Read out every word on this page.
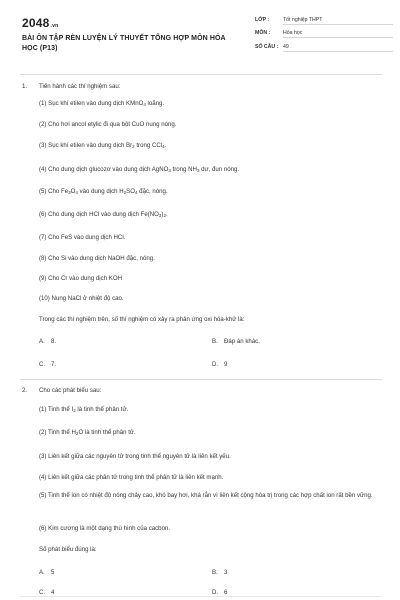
2048.vn
BÀI ÔN TẬP RÈN LUYỆN LÝ THUYẾT TỔNG HỢP MÔN HÓA HỌC (P13)
LỚP :	Tốt nghiệp THPT
MÔN :	Hóa học
SỐ CÂU : 49
1. Tiến hành các thí nghiệm sau:
(1) Sục khí etilen vào dung dịch KMnO$_4$ loãng.
(2) Cho hơi ancol etylic đi qua bột CuO nung nóng.
(3) Sục khí etilen vào dung dịch $Br_2$ trong CCl$_4$.
(4) Cho dung dịch glucozơ vào dung dịch AgNO$_3$ trong $NH_3$ dư, đun nóng.
(5) Cho $Fe_3O_4$ vào dung dịch $H_2SO_4$ đặc, nóng.
(6) Cho dung dịch HCl vào dung dịch $Fe(NO_3)_2$.
(7) Cho FeS vào dung dịch HCl.
(8) Cho Si vào dung dịch NaOH đặc, nóng.
(9) Cho Cr vào dung dịch KOH
(10) Nung NaCl ở nhiệt độ cao.
Trong các thí nghiệm trên, số thí nghiệm có xảy ra phản ứng oxi hóa-khử là:
A. 8.	B. Đáp án khác.
C. 7.	D. 9
2. Cho các phát biểu sau:
(1) Tinh thể $I_2$ là tinh thể phân tử.
(2) Tinh thể $H_2O$ là tinh thể phân tử.
(3) Liên kết giữa các nguyên tử trong tinh thể nguyên tử là liên kết yếu.
(4) Liên kết giữa các phân tử trong tinh thể phân tử là liên kết mạnh.
(5) Tinh thể ion có nhiệt độ nóng chảy cao, khó bay hơi, khá rắn vì liên kết cộng hóa trị trong các hợp chất ion rất bền vững.
(6) Kim cương là một dạng thù hình của cacbon.
Số phát biểu đúng là:
A. 5	B. 3
C. 4	D. 6
